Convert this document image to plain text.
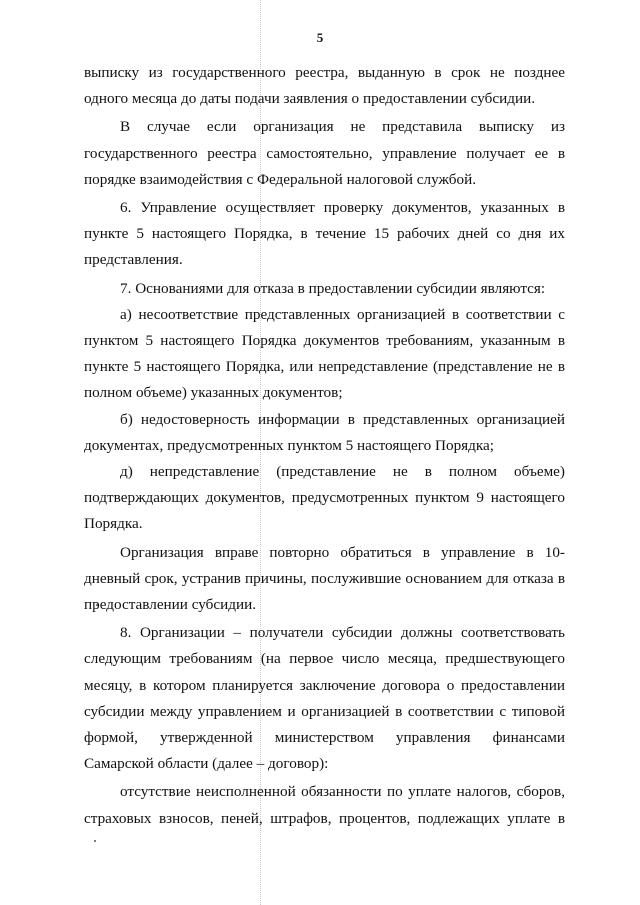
5

выписку из государственного реестра, выданную в срок не позднее одного месяца до даты подачи заявления о предоставлении субсидии.

В случае если организация не представила выписку из государственного реестра самостоятельно, управление получает ее в порядке взаимодействия с Федеральной налоговой службой.

6. Управление осуществляет проверку документов, указанных в пункте 5 настоящего Порядка, в течение 15 рабочих дней со дня их представления.

7. Основаниями для отказа в предоставлении субсидии являются:

а) несоответствие представленных организацией в соответствии с пунктом 5 настоящего Порядка документов требованиям, указанным в пункте 5 настоящего Порядка, или непредставление (представление не в полном объеме) указанных документов;

б) недостоверность информации в представленных организацией документах, предусмотренных пунктом 5 настоящего Порядка;

д) непредставление (представление не в полном объеме) подтверждающих документов, предусмотренных пунктом 9 настоящего Порядка.

Организация вправе повторно обратиться в управление в 10-дневный срок, устранив причины, послужившие основанием для отказа в предоставлении субсидии.

8. Организации – получатели субсидии должны соответствовать следующим требованиям (на первое число месяца, предшествующего месяцу, в котором планируется заключение договора о предоставлении субсидии между управлением и организацией в соответствии с типовой формой, утвержденной министерством управления финансами Самарской области (далее – договор):

отсутствие неисполненной обязанности по уплате налогов, сборов, страховых взносов, пеней, штрафов, процентов, подлежащих уплате в
